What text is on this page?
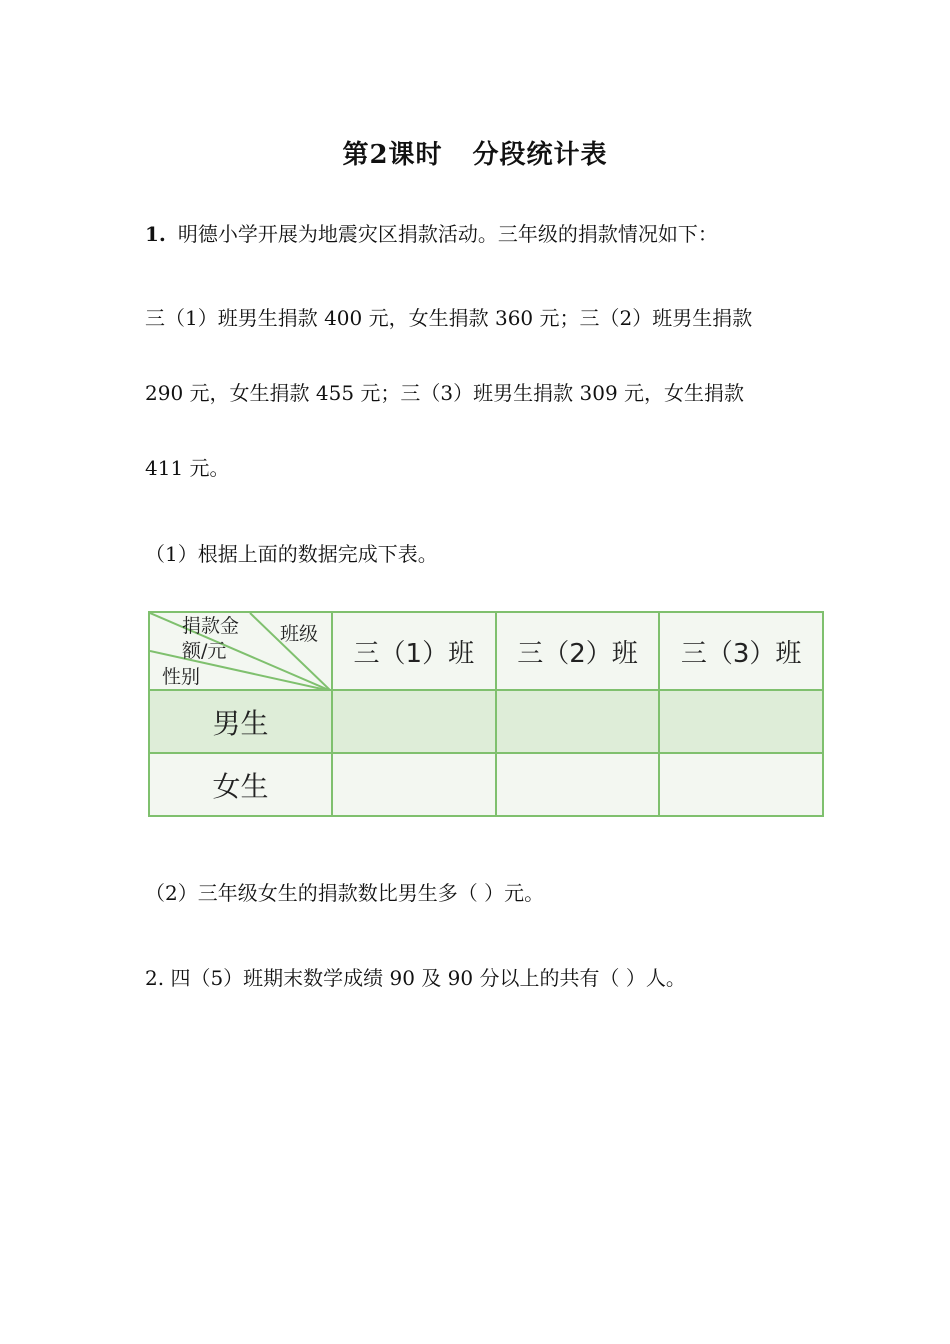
第2课时 分段统计表
1. 明德小学开展为地震灾区捐款活动。三年级的捐款情况如下：
三（1）班男生捐款 400 元，女生捐款 360 元；三（2）班男生捐款
290 元，女生捐款 455 元；三（3）班男生捐款 309 元，女生捐款
411 元。
（1）根据上面的数据完成下表。
捐款金
额/元
班级
性别	三（1）班	三（2）班	三（3）班
男生			
女生			
（2）三年级女生的捐款数比男生多（ ）元。
2. 四（5）班期末数学成绩 90 及 90 分以上的共有（ ）人。
